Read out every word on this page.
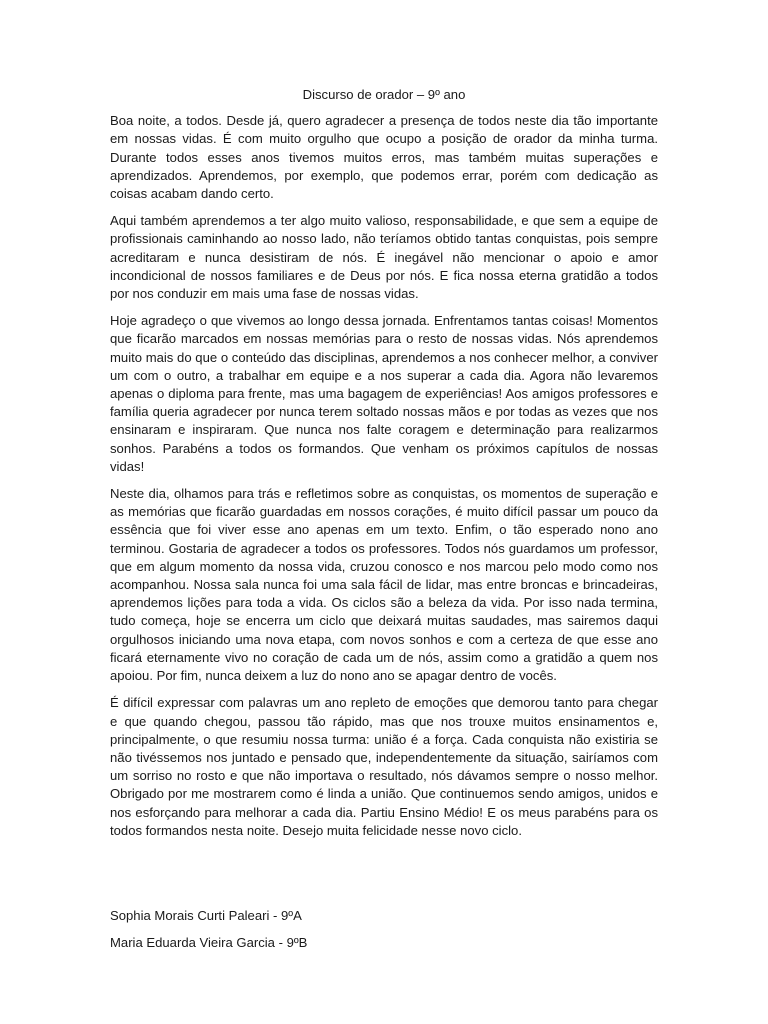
Discurso de orador – 9º ano

Boa noite, a todos. Desde já, quero agradecer a presença de todos neste dia tão importante em nossas vidas. É com muito orgulho que ocupo a posição de orador da minha turma. Durante todos esses anos tivemos muitos erros, mas também muitas superações e aprendizados. Aprendemos, por exemplo, que podemos errar, porém com dedicação as coisas acabam dando certo.

Aqui também aprendemos a ter algo muito valioso, responsabilidade, e que sem a equipe de profissionais caminhando ao nosso lado, não teríamos obtido tantas conquistas, pois sempre acreditaram e nunca desistiram de nós. É inegável não mencionar o apoio e amor incondicional de nossos familiares e de Deus por nós. E fica nossa eterna gratidão a todos por nos conduzir em mais uma fase de nossas vidas.

Hoje agradeço o que vivemos ao longo dessa jornada. Enfrentamos tantas coisas! Momentos que ficarão marcados em nossas memórias para o resto de nossas vidas. Nós aprendemos muito mais do que o conteúdo das disciplinas, aprendemos a nos conhecer melhor, a conviver um com o outro, a trabalhar em equipe e a nos superar a cada dia. Agora não levaremos apenas o diploma para frente, mas uma bagagem de experiências! Aos amigos professores e família queria agradecer por nunca terem soltado nossas mãos e por todas as vezes que nos ensinaram e inspiraram. Que nunca nos falte coragem e determinação para realizarmos sonhos. Parabéns a todos os formandos. Que venham os próximos capítulos de nossas vidas!

Neste dia, olhamos para trás e refletimos sobre as conquistas, os momentos de superação e as memórias que ficarão guardadas em nossos corações, é muito difícil passar um pouco da essência que foi viver esse ano apenas em um texto. Enfim, o tão esperado nono ano terminou. Gostaria de agradecer a todos os professores. Todos nós guardamos um professor, que em algum momento da nossa vida, cruzou conosco e nos marcou pelo modo como nos acompanhou. Nossa sala nunca foi uma sala fácil de lidar, mas entre broncas e brincadeiras, aprendemos lições para toda a vida. Os ciclos são a beleza da vida. Por isso nada termina, tudo começa, hoje se encerra um ciclo que deixará muitas saudades, mas sairemos daqui orgulhosos iniciando uma nova etapa, com novos sonhos e com a certeza de que esse ano ficará eternamente vivo no coração de cada um de nós, assim como a gratidão a quem nos apoiou. Por fim, nunca deixem a luz do nono ano se apagar dentro de vocês.

É difícil expressar com palavras um ano repleto de emoções que demorou tanto para chegar e que quando chegou, passou tão rápido, mas que nos trouxe muitos ensinamentos e, principalmente, o que resumiu nossa turma: união é a força. Cada conquista não existiria se não tivéssemos nos juntado e pensado que, independentemente da situação, sairíamos com um sorriso no rosto e que não importava o resultado, nós dávamos sempre o nosso melhor. Obrigado por me mostrarem como é linda a união. Que continuemos sendo amigos, unidos e nos esforçando para melhorar a cada dia. Partiu Ensino Médio! E os meus parabéns para os todos formandos nesta noite. Desejo muita felicidade nesse novo ciclo.

Sophia Morais Curti Paleari - 9ºA

Maria Eduarda Vieira Garcia - 9ºB
